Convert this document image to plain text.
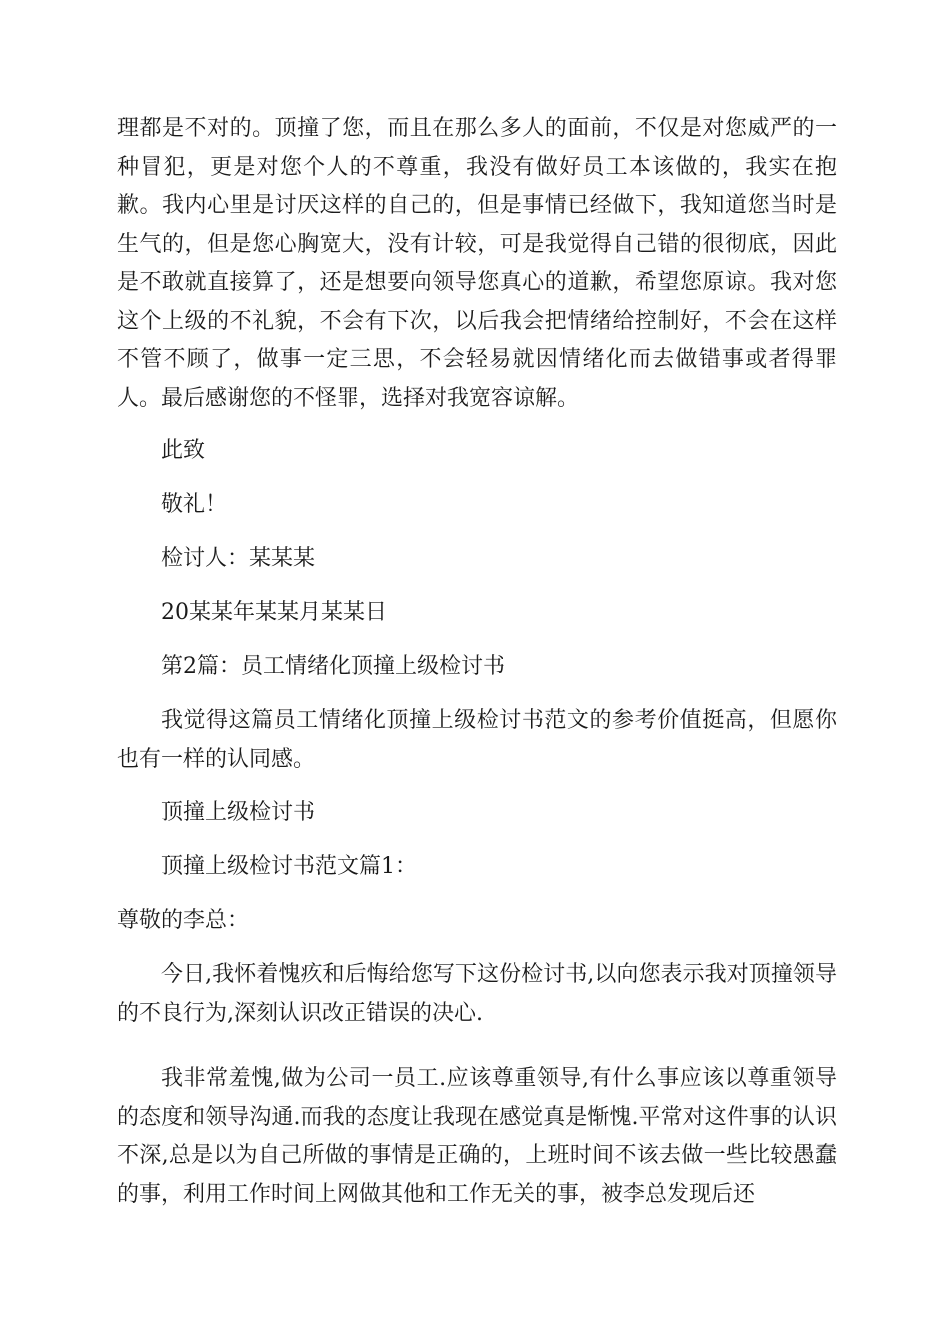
理都是不对的。顶撞了您，而且在那么多人的面前，不仅是对您威严的一种冒犯，更是对您个人的不尊重，我没有做好员工本该做的，我实在抱歉。我内心里是讨厌这样的自己的，但是事情已经做下，我知道您当时是生气的，但是您心胸宽大，没有计较，可是我觉得自己错的很彻底，因此是不敢就直接算了，还是想要向领导您真心的道歉，希望您原谅。我对您这个上级的不礼貌，不会有下次，以后我会把情绪给控制好，不会在这样不管不顾了，做事一定三思，不会轻易就因情绪化而去做错事或者得罪人。最后感谢您的不怪罪，选择对我宽容谅解。

此致

敬礼！

检讨人：某某某

20某某年某某月某某日

第2篇：员工情绪化顶撞上级检讨书

我觉得这篇员工情绪化顶撞上级检讨书范文的参考价值挺高，但愿你也有一样的认同感。

顶撞上级检讨书

顶撞上级检讨书范文篇1：

尊敬的李总：

今日,我怀着愧疚和后悔给您写下这份检讨书,以向您表示我对顶撞领导的不良行为,深刻认识改正错误的决心.

我非常羞愧,做为公司一员工.应该尊重领导,有什么事应该以尊重领导的态度和领导沟通.而我的态度让我现在感觉真是惭愧.平常对这件事的认识不深,总是以为自己所做的事情是正确的，上班时间不该去做一些比较愚蠢的事，利用工作时间上网做其他和工作无关的事，被李总发现后还
